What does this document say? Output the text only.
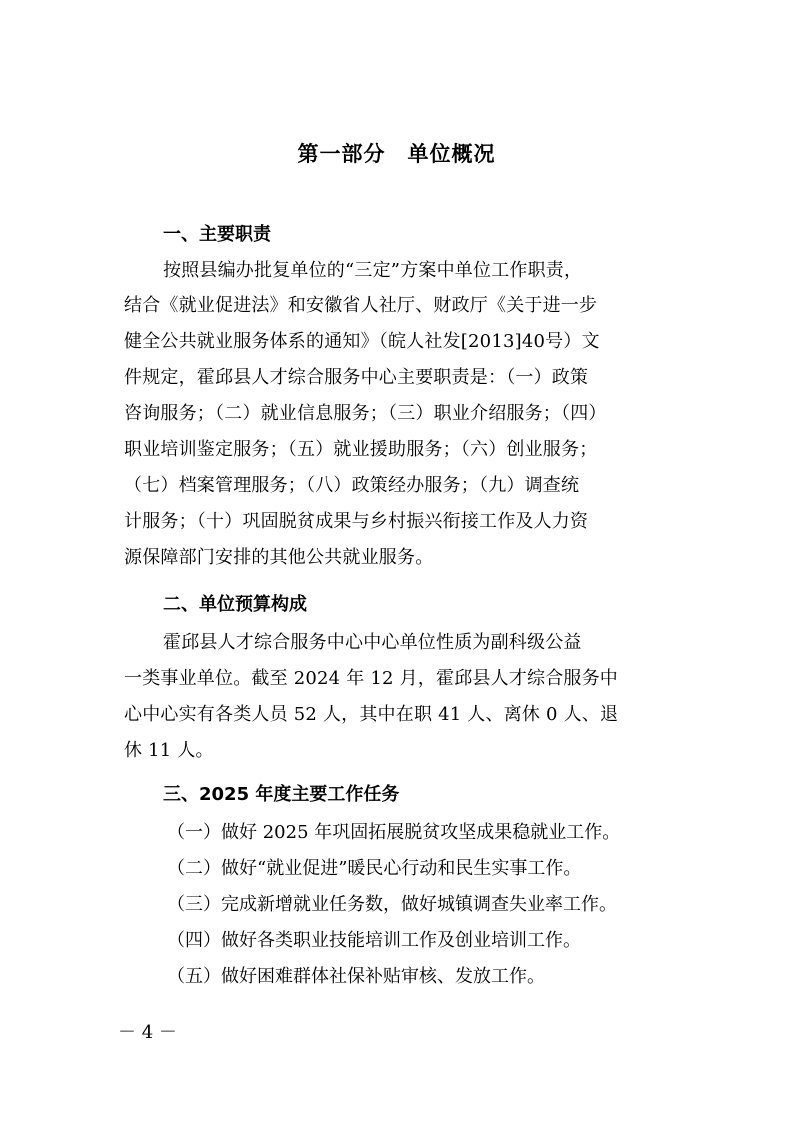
第一部分　单位概况
一、主要职责
按照县编办批复单位的“三定”方案中单位工作职责，
结合《就业促进法》和安徽省人社厅、财政厅《关于进一步
健全公共就业服务体系的通知》（皖人社发[2013]40号）文
件规定，霍邱县人才综合服务中心主要职责是：（一）政策
咨询服务；（二）就业信息服务；（三）职业介绍服务；（四）
职业培训鉴定服务；（五）就业援助服务；（六）创业服务；
（七）档案管理服务；（八）政策经办服务；（九）调查统
计服务；（十）巩固脱贫成果与乡村振兴衔接工作及人力资
源保障部门安排的其他公共就业服务。
二、单位预算构成
霍邱县人才综合服务中心中心单位性质为副科级公益
一类事业单位。截至 2024 年 12 月，霍邱县人才综合服务中
心中心实有各类人员 52 人，其中在职 41 人、离休 0 人、退
休 11 人。
三、2025 年度主要工作任务
（一）做好 2025 年巩固拓展脱贫攻坚成果稳就业工作。
（二）做好“就业促进”暖民心行动和民生实事工作。
（三）完成新增就业任务数，做好城镇调查失业率工作。
（四）做好各类职业技能培训工作及创业培训工作。
（五）做好困难群体社保补贴审核、发放工作。
－ 4 －
